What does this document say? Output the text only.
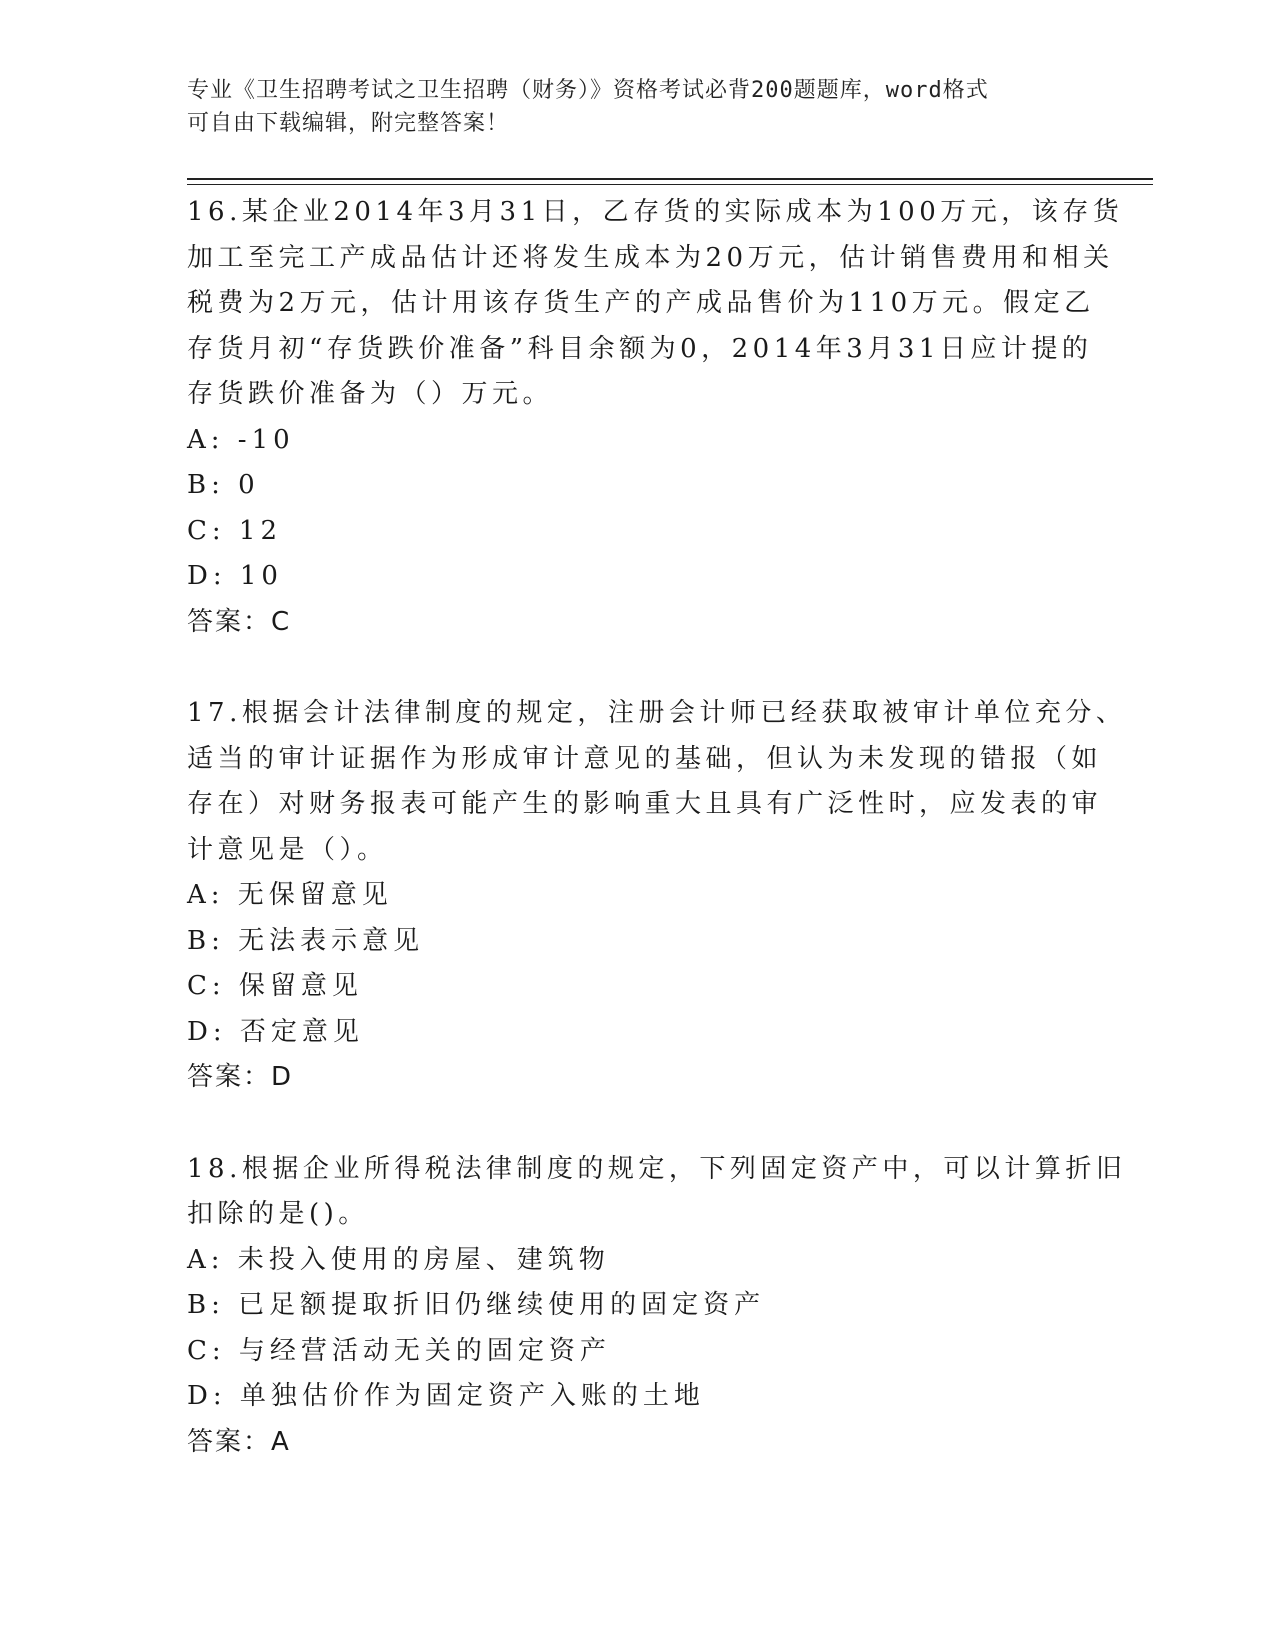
专业《卫生招聘考试之卫生招聘（财务）》资格考试必背200题题库，word格式
可自由下载编辑，附完整答案！
16.某企业2014年3月31日，乙存货的实际成本为100万元，该存货
加工至完工产成品估计还将发生成本为20万元，估计销售费用和相关
税费为2万元，估计用该存货生产的产成品售价为110万元。假定乙
存货月初“存货跌价准备”科目余额为0，2014年3月31日应计提的
存货跌价准备为（）万元。
A: -10
B: 0
C: 12
D: 10
答案：C
17.根据会计法律制度的规定，注册会计师已经获取被审计单位充分、
适当的审计证据作为形成审计意见的基础，但认为未发现的错报（如
存在）对财务报表可能产生的影响重大且具有广泛性时，应发表的审
计意见是（）。
A: 无保留意见
B: 无法表示意见
C: 保留意见
D: 否定意见
答案：D
18.根据企业所得税法律制度的规定，下列固定资产中，可以计算折旧
扣除的是()。
A: 未投入使用的房屋、建筑物
B: 已足额提取折旧仍继续使用的固定资产
C: 与经营活动无关的固定资产
D: 单独估价作为固定资产入账的土地
答案：A
